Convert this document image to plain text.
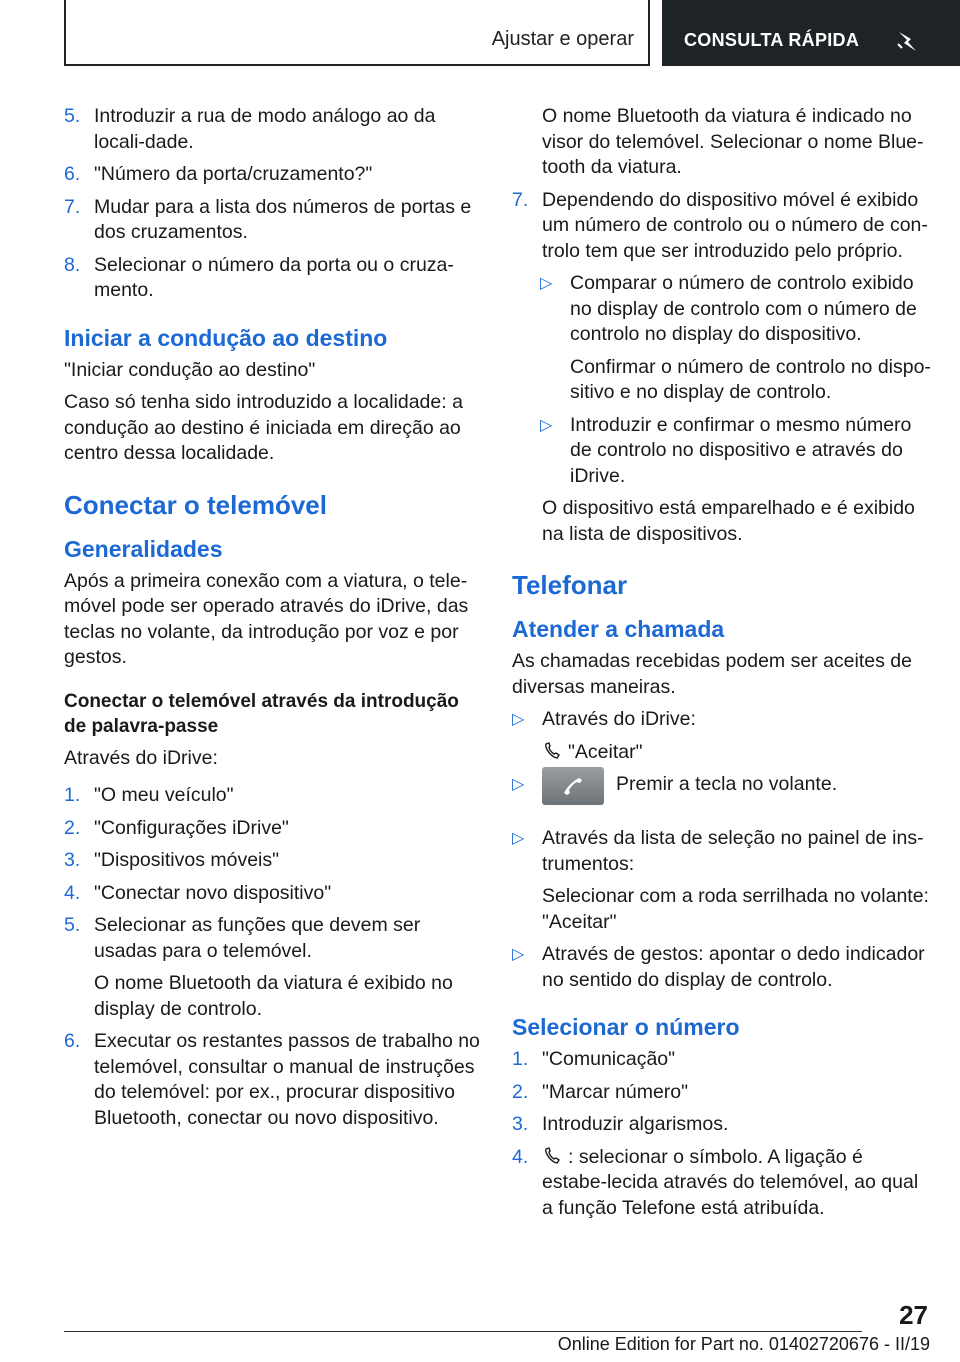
Ajustar e operar	CONSULTA RÁPIDA
5. Introduzir a rua de modo análogo ao da locali-dade.
6. "Número da porta/cruzamento?"
7. Mudar para a lista dos números de portas e dos cruzamentos.
8. Selecionar o número da porta ou o cruza-mento.
Iniciar a condução ao destino

"Iniciar condução ao destino"

Caso só tenha sido introduzido a localidade: a condução ao destino é iniciada em direção ao centro dessa localidade.

Conectar o telemóvel
Generalidades

Após a primeira conexão com a viatura, o tele-móvel pode ser operado através do iDrive, das teclas no volante, da introdução por voz e por gestos.

Conectar o telemóvel através da introdução de palavra-passe

Através do iDrive:

1. "O meu veículo"
2. "Configurações iDrive"
3. "Dispositivos móveis"
4. "Conectar novo dispositivo"
5. Selecionar as funções que devem ser usadas para o telemóvel.

O nome Bluetooth da viatura é exibido no display de controlo.

6. Executar os restantes passos de trabalho no telemóvel, consultar o manual de instruções do telemóvel: por ex., procurar dispositivo Bluetooth, conectar ou novo dispositivo.

O nome Bluetooth da viatura é indicado no visor do telemóvel. Selecionar o nome Blue-tooth da viatura.

7. Dependendo do dispositivo móvel é exibido um número de controlo ou o número de con-trolo tem que ser introduzido pelo próprio.
▷ Comparar o número de controlo exibido no display de controlo com o número de controlo no display do dispositivo.

Confirmar o número de controlo no dispo-sitivo e no display de controlo.

▷ Introduzir e confirmar o mesmo número de controlo no dispositivo e através do iDrive.

O dispositivo está emparelhado e é exibido na lista de dispositivos.

Telefonar
Atender a chamada

As chamadas recebidas podem ser aceites de diversas maneiras.

▷ Através do iDrive:

"Aceitar"

▷	Premir a tecla no volante.
▷ Através da lista de seleção no painel de ins-trumentos:

Selecionar com a roda serrilhada no volante: "Aceitar"

▷ Através de gestos: apontar o dedo indicador no sentido do display de controlo.
Selecionar o número
1. "Comunicação"
2. "Marcar número"
3. Introduzir algarismos.
4. : selecionar o símbolo. A ligação é estabe-lecida através do telemóvel, ao qual a função Telefone está atribuída.
27
Online Edition for Part no. 01402720676 - II/19
